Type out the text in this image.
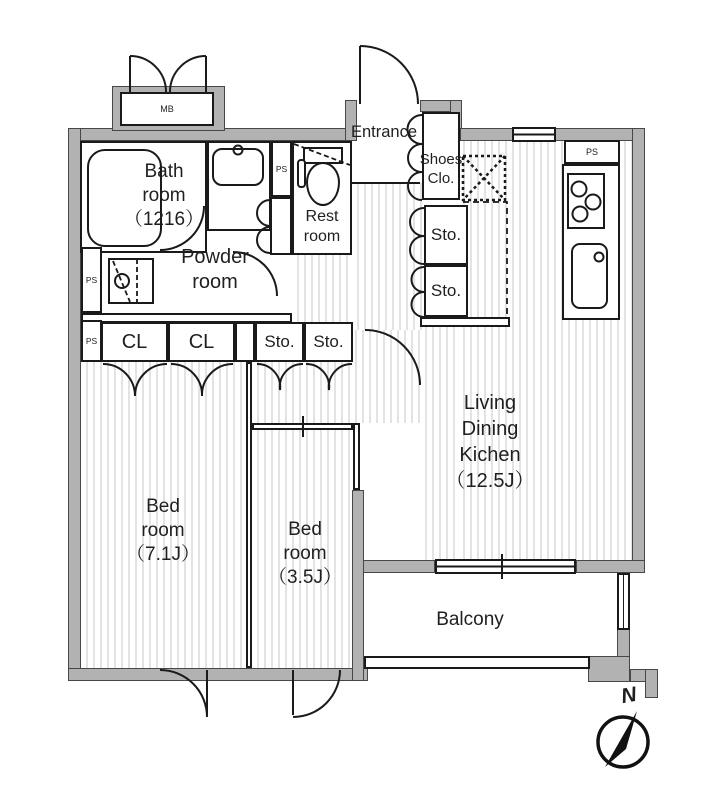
MB
PS
PS
PS CL CL	Sto. Sto.
Sto.
Sto.
PS
Bath
room
（1216）
Powder
room
Rest
room
Entrance
Shoes
Clo.
Living
Dining
Kichen
（12.5J）
Bed
room
（7.1J）
Bed
room
（3.5J）
Balcony
N
